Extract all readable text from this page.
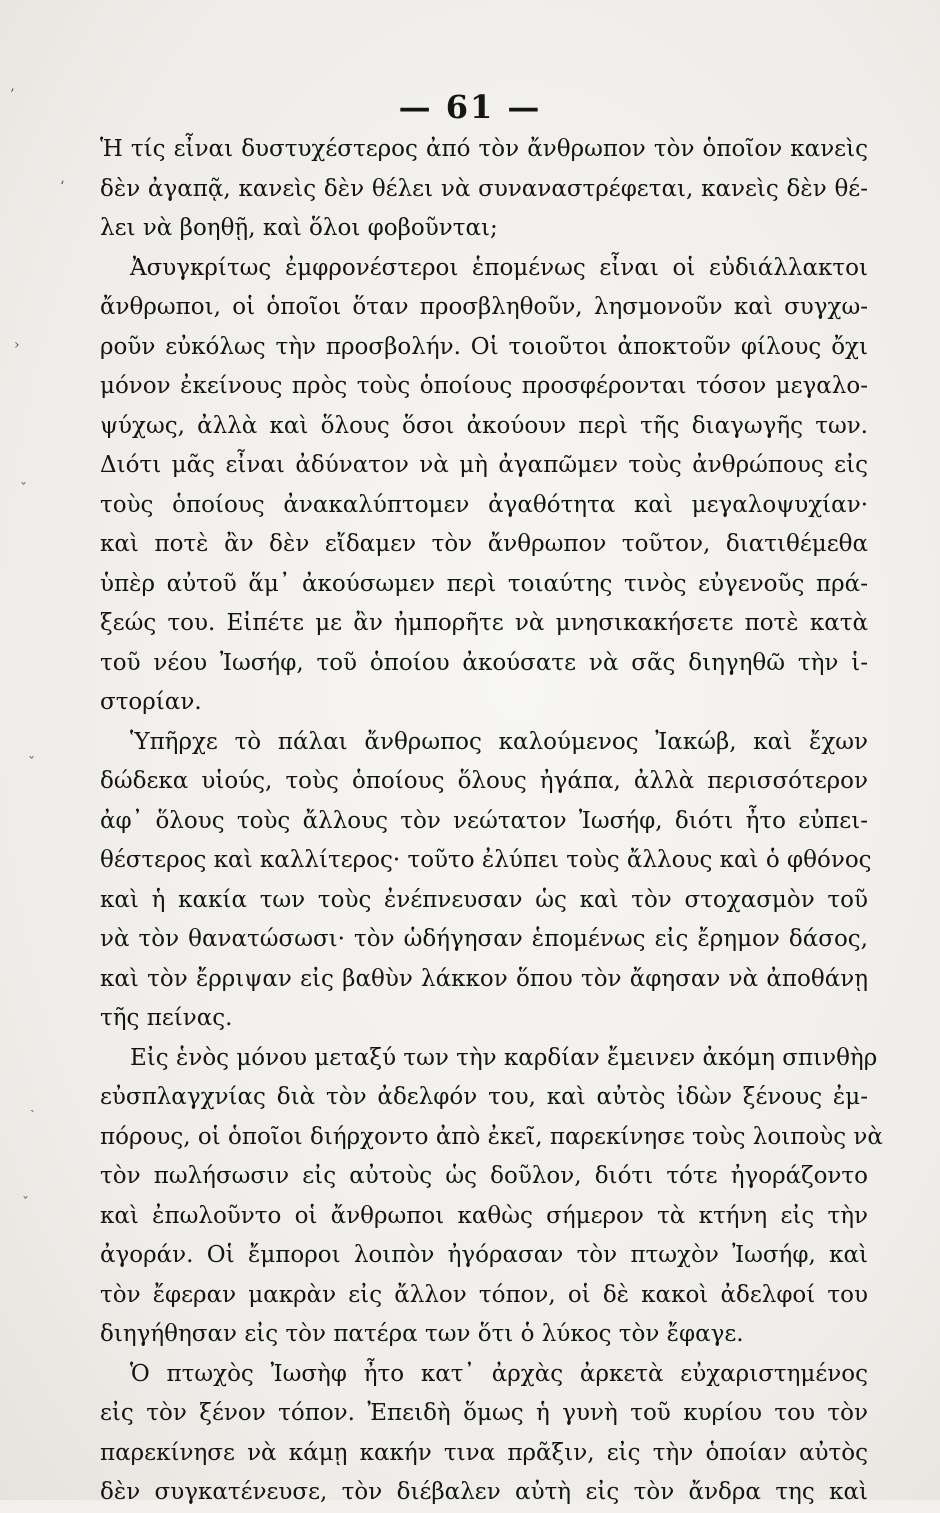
— 61 —
Ἡ τίς εἶναι δυστυχέστερος ἀπό τὸν ἄνθρωπον τὸν ὁποῖον κανεὶς
δὲν ἀγαπᾷ, κανεὶς δὲν θέλει νὰ συναναστρέφεται, κανεὶς δὲν θέ-
λει νὰ βοηθῇ, καὶ ὅλοι φοβοῦνται;
Ἀσυγκρίτως ἐμφρονέστεροι ἑπομένως εἶναι οἱ εὐδιάλλακτοι
ἄνθρωποι, οἱ ὁποῖοι ὅταν προσβληθοῦν, λησμονοῦν καὶ συγχω-
ροῦν εὐκόλως τὴν προσβολήν. Οἱ τοιοῦτοι ἀποκτοῦν φίλους ὄχι
μόνον ἐκείνους πρὸς τοὺς ὁποίους προσφέρονται τόσον μεγαλο-
ψύχως, ἀλλὰ καὶ ὅλους ὅσοι ἀκούουν περὶ τῆς διαγωγῆς των.
Διότι μᾶς εἶναι ἀδύνατον νὰ μὴ ἀγαπῶμεν τοὺς ἀνθρώπους εἰς
τοὺς ὁποίους ἀνακαλύπτομεν ἀγαθότητα καὶ μεγαλοψυχίαν·
καὶ ποτὲ ἂν δὲν εἴδαμεν τὸν ἄνθρωπον τοῦτον, διατιθέμεθα
ὑπὲρ αὐτοῦ ἅμ᾽ ἀκούσωμεν περὶ τοιαύτης τινὸς εὐγενοῦς πρά-
ξεώς του. Εἰπέτε με ἂν ἠμπορῆτε νὰ μνησικακήσετε ποτὲ κατὰ
τοῦ νέου Ἰωσήφ, τοῦ ὁποίου ἀκούσατε νὰ σᾶς διηγηθῶ τὴν ἱ-
στορίαν.
Ὑπῆρχε τὸ πάλαι ἄνθρωπος καλούμενος Ἰακώβ, καὶ ἔχων
δώδεκα υἱούς, τοὺς ὁποίους ὅλους ἠγάπα, ἀλλὰ περισσότερον
ἀφ᾽ ὅλους τοὺς ἄλλους τὸν νεώτατον Ἰωσήφ, διότι ἦτο εὐπει-
θέστερος καὶ καλλίτερος· τοῦτο ἐλύπει τοὺς ἄλλους καὶ ὁ φθόνος
καὶ ἡ κακία των τοὺς ἐνέπνευσαν ὡς καὶ τὸν στοχασμὸν τοῦ
νὰ τὸν θανατώσωσι· τὸν ὡδήγησαν ἑπομένως εἰς ἔρημον δάσος,
καὶ τὸν ἔρριψαν εἰς βαθὺν λάκκον ὅπου τὸν ἄφησαν νὰ ἀποθάνῃ
τῆς πείνας.
Εἰς ἑνὸς μόνου μεταξύ των τὴν καρδίαν ἔμεινεν ἀκόμη σπινθὴρ
εὐσπλαγχνίας διὰ τὸν ἀδελφόν του, καὶ αὐτὸς ἰδὼν ξένους ἐμ-
πόρους, οἱ ὁποῖοι διήρχοντο ἀπὸ ἐκεῖ, παρεκίνησε τοὺς λοιποὺς νὰ
τὸν πωλήσωσιν εἰς αὐτοὺς ὡς δοῦλον, διότι τότε ἠγοράζοντο
καὶ ἐπωλοῦντο οἱ ἄνθρωποι καθὼς σήμερον τὰ κτήνη εἰς τὴν
ἀγοράν. Οἱ ἔμποροι λοιπὸν ἠγόρασαν τὸν πτωχὸν Ἰωσήφ, καὶ
τὸν ἔφεραν μακρὰν εἰς ἄλλον τόπον, οἱ δὲ κακοὶ ἀδελφοί του
διηγήθησαν εἰς τὸν πατέρα των ὅτι ὁ λύκος τὸν ἔφαγε.
Ὁ πτωχὸς Ἰωσὴφ ἦτο κατ᾽ ἀρχὰς ἀρκετὰ εὐχαριστημένος
εἰς τὸν ξένον τόπον. Ἐπειδὴ ὅμως ἡ γυνὴ τοῦ κυρίου του τὸν
παρεκίνησε νὰ κάμῃ κακήν τινα πρᾶξιν, εἰς τὴν ὁποίαν αὐτὸς
δὲν συγκατένευσε, τὸν διέβαλεν αὐτὴ εἰς τὸν ἄνδρα της καὶ
’
ʻ
›
ˇ
ˇ
ˏ
ˇ
